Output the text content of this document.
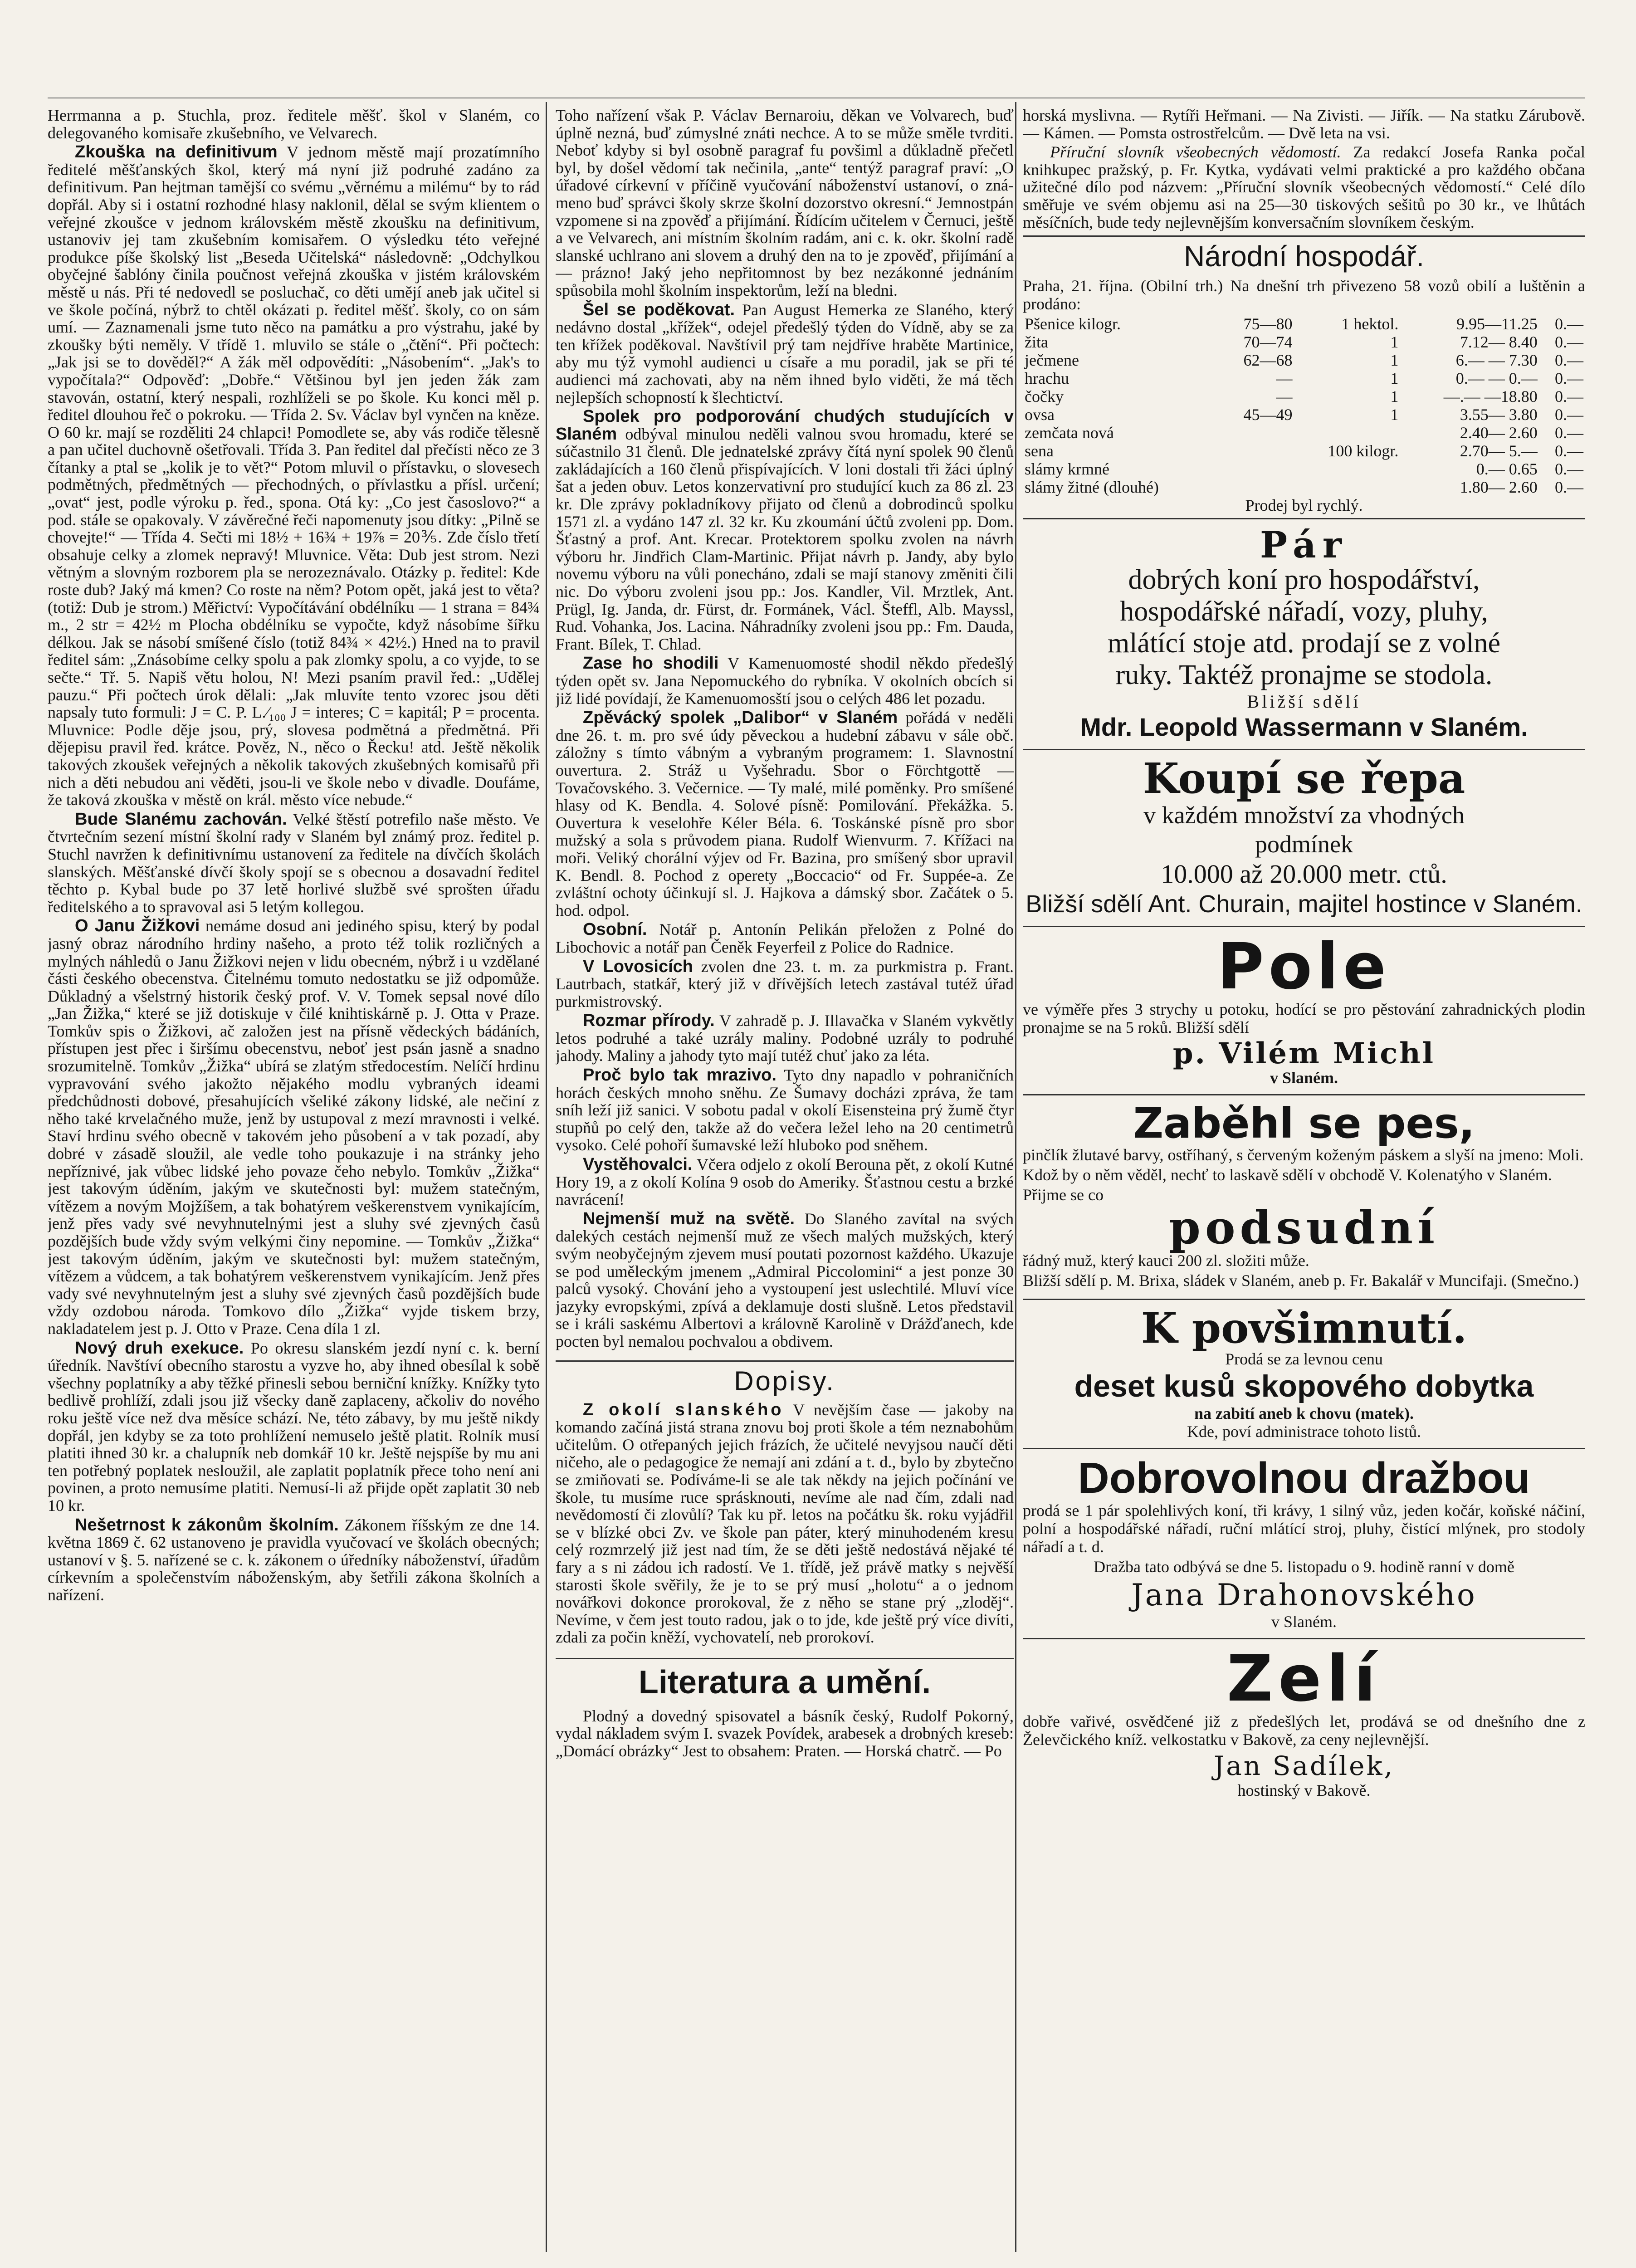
Herrmanna a p. Stuchla, proz. ředitele měšť. škol v Slaném, co delegovaného komisaře zkušebního, ve Velvarech.

Zkouška na definitivum V jednom městě mají prozatímního ředitelé měšťanských škol, který má nyní již podruhé zadáno za definitivum. Pan hejtman tamější co svému „věrnému a milému“ by to rád dopřál. Aby si i ostatní rozhodné hlasy naklonil, dělal se svým klientem o veřejné zkoušce v jednom královském městě zkoušku na definitivum, ustanoviv jej tam zkušebním komisařem. O výsledku této veřejné produkce píše školský list „Beseda Učitelská“ následovně: „Odchylkou obyčejné šablóny činila poučnost veřejná zkouška v jistém královském městě u nás. Při té nedovedl se posluchač, co děti umějí aneb jak učitel si ve škole počíná, nýbrž to chtěl okázati p. ředitel měšť. školy, co on sám umí. — Zaznamenali jsme tuto něco na památku a pro výstrahu, jaké by zkoušky býti neměly. V třídě 1. mluvilo se stále o „čtění“. Při počtech: „Jak jsi se to dověděl?“ A žák měl odpovědíti: „Násobením“. „Jak's to vypočítala?“ Odpověď: „Dobře.“ Většinou byl jen jeden žák zam stavován, ostatní, který nespali, rozhlíželi se po škole. Ku konci měl p. ředitel dlouhou řeč o pokroku. — Třída 2. Sv. Václav byl vynčen na kněze. O 60 kr. mají se rozděliti 24 chlapci! Pomodlete se, aby vás rodiče tělesně a pan učitel duchovně ošetřovali. Třída 3. Pan ředitel dal přečísti něco ze 3 čítanky a ptal se „kolik je to vět?“ Potom mluvil o přístavku, o slovesech podmětných, předmětných — přechodných, o přívlastku a přísl. určení; „ovat“ jest, podle výroku p. řed., spona. Otá ky: „Co jest časoslovo?“ a pod. stále se opakovaly. V závěrečné řeči napomenuty jsou dítky: „Pilně se chovejte!“ — Třída 4. Sečti mi 18½ + 16¾ + 19⅞ = 20⅗. Zde číslo třetí obsahuje celky a zlomek nepravý! Mluvnice. Věta: Dub jest strom. Nezi větným a slovným rozborem pla se nerozeznávalo. Otázky p. ředitel: Kde roste dub? Jaký má kmen? Co roste na něm? Potom opět, jaká jest to věta? (totiž: Dub je strom.) Měřictví: Vypočítávání obdélníku — 1 strana = 84¾ m., 2 str = 42½ m Plocha obdélníku se vypočte, když násobíme šířku délkou. Jak se násobí smíšené číslo (totiž 84¾ × 42½.) Hned na to pravil ředitel sám: „Znásobíme celky spolu a pak zlomky spolu, a co vyjde, to se sečte.“ Tř. 5. Napiš větu holou, N! Mezi psaním pravil řed.: „Udělej pauzu.“ Při počtech úrok dělali: „Jak mluvíte tento vzorec jsou děti napsaly tuto formuli: J = C. P. L.⁄₁₀₀ J = interes; C = kapitál; P = procenta. Mluvnice: Podle děje jsou, prý, slovesa podmětná a předmětná. Při dějepisu pravil řed. krátce. Pověz, N., něco o Řecku! atd. Ještě několik takových zkoušek veřejných a několik takových zkušebných komisařů při nich a děti nebudou ani věděti, jsou-li ve škole nebo v divadle. Doufáme, že taková zkouška v městě on král. město více nebude.“

Bude Slanému zachován. Velké štěstí potrefilo naše město. Ve čtvrtečním sezení místní školní rady v Slaném byl známý proz. ředitel p. Stuchl navržen k definitivnímu ustanovení za ředitele na dívčích školách slanských. Měšťanské dívčí školy spojí se s obecnou a dosavadní ředitel těchto p. Kybal bude po 37 letě horlivé službě své sprošten úřadu ředitelského a to spravoval asi 5 letým kollegou.

O Janu Žižkovi nemáme dosud ani jediného spisu, který by podal jasný obraz národního hrdiny našeho, a proto též tolik rozličných a mylných náhledů o Janu Žižkovi nejen v lidu obecném, nýbrž i u vzdělané části českého obecenstva. Čitelnému tomuto nedostatku se již odpomůže. Důkladný a všelstrný historik český prof. V. V. Tomek sepsal nové dílo „Jan Žižka,“ které se již dotiskuje v čilé knihtiskárně p. J. Otta v Praze. Tomkův spis o Žižkovi, ač založen jest na přísně vědeckých bádáních, přístupen jest přec i širšímu obecenstvu, neboť jest psán jasně a snadno srozumitelně. Tomkův „Žižka“ ubírá se zlatým středocestím. Nelíčí hrdinu vypravování svého jakožto nějakého modlu vybraných ideami předchůdnosti dobové, přesahujících všeliké zákony lidské, ale nečiní z něho také krvelačného muže, jenž by ustupoval z mezí mravnosti i velké. Staví hrdinu svého obecně v takovém jeho působení a v tak pozadí, aby dobré v zásadě sloužil, ale vedle toho poukazuje i na stránky jeho nepříznivé, jak vůbec lidské jeho povaze čeho nebylo. Tomkův „Žižka“ jest takovým úděním, jakým ve skutečnosti byl: mužem statečným, vítězem a novým Mojžíšem, a tak bohatýrem veškerenstvem vynikajícím, jenž přes vady své nevyhnutelnými jest a sluhy své zjevných časů pozdějších bude vždy svým velkými činy nepomine. — Tomkův „Žižka“ jest takovým úděním, jakým ve skutečnosti byl: mužem statečným, vítězem a vůdcem, a tak bohatýrem veškerenstvem vynikajícím. Jenž přes vady své nevyhnutelným jest a sluhy své zjevných časů pozdějších bude vždy ozdobou národa. Tomkovo dílo „Žižka“ vyjde tiskem brzy, nakladatelem jest p. J. Otto v Praze. Cena díla 1 zl.

Nový druh exekuce. Po okresu slanském jezdí nyní c. k. berní úředník. Navštíví obecního starostu a vyzve ho, aby ihned obesílal k sobě všechny poplatníky a aby těžké přinesli sebou berniční knížky. Knížky tyto bedlivě prohlíží, zdali jsou již všecky daně zaplaceny, ačkoliv do nového roku ještě více než dva měsíce schází. Ne, této zábavy, by mu ještě nikdy dopřál, jen kdyby se za toto prohlížení nemuselo ještě platit. Rolník musí platiti ihned 30 kr. a chalupník neb domkář 10 kr. Ještě nejspíše by mu ani ten potřebný poplatek nesloužil, ale zaplatit poplatník přece toho není ani povinen, a proto nemusíme platiti. Nemusí-li až přijde opět zaplatit 30 neb 10 kr.

Nešetrnost k zákonům školním. Zákonem říšským ze dne 14. května 1869 č. 62 ustanoveno je pravidla vyučovací ve školách obecných; ustanoví v §. 5. nařízené se c. k. zákonem o úředníky náboženství, úřadům církevním a společenstvím náboženským, aby šetřili zákona školních a nařízení.

Toho nařízení však P. Václav Bernaroiu, děkan ve Volvarech, buď úplně nezná, buď zúmyslné znáti nechce. A to se může směle tvrditi. Neboť kdyby si byl osobně paragraf fu povšiml a důkladně přečetl byl, by došel vědomí tak nečinila, „ante“ tentýž paragraf praví: „O úřadové církevní v příčině vyučování náboženství ustanoví, o zná-meno buď správci školy skrze školní dozorstvo okresní.“ Jemnostpán vzpomene si na zpověď a přijímání. Řídícím učitelem v Černuci, ještě a ve Velvarech, ani místním školním radám, ani c. k. okr. školní radě slanské uchlrano ani slovem a druhý den na to je zpověď, přijímání a — prázno! Jaký jeho nepřitomnost by bez nezákonné jednáním spůsobila mohl školním inspektorům, leží na bledni.

Šel se poděkovat. Pan August Hemerka ze Slaného, který nedávno dostal „křížek“, odejel předešlý týden do Vídně, aby se za ten křížek poděkoval. Navštívil prý tam nejdříve hraběte Martinice, aby mu týž vymohl audienci u císaře a mu poradil, jak se při té audienci má zachovati, aby na něm ihned bylo viděti, že má těch nejlepších schopností k šlechtictví.

Spolek pro podporování chudých studujících v Slaném odbýval minulou neděli valnou svou hromadu, které se súčastnilo 31 členů. Dle jednatelské zprávy čítá nyní spolek 90 členů zakládajících a 160 členů přispívajících. V loni dostali tři žáci úplný šat a jeden obuv. Letos konzervativní pro studující kuch za 86 zl. 23 kr. Dle zprávy pokladníkovy přijato od členů a dobrodinců spolku 1571 zl. a vydáno 147 zl. 32 kr. Ku zkoumání účtů zvoleni pp. Dom. Šťastný a prof. Ant. Krecar. Protektorem spolku zvolen na návrh výboru hr. Jindřich Clam-Martinic. Přijat návrh p. Jandy, aby bylo novemu výboru na vůli ponecháno, zdali se mají stanovy změniti čili nic. Do výboru zvoleni jsou pp.: Jos. Kandler, Vil. Mrztlek, Ant. Prügl, Ig. Janda, dr. Fürst, dr. Formánek, Václ. Šteffl, Alb. Mayssl, Rud. Vohanka, Jos. Lacina. Náhradníky zvoleni jsou pp.: Fm. Dauda, Frant. Bílek, T. Chlad.

Zase ho shodili V Kamenuomosté shodil někdo předešlý týden opět sv. Jana Nepomuckého do rybníka. V okolních obcích si již lidé povídají, že Kamenuomosští jsou o celých 486 let pozadu.

Zpěvácký spolek „Dalibor“ v Slaném pořádá v neděli dne 26. t. m. pro své údy pěveckou a hudební zábavu v sále obč. záložny s tímto vábným a vybraným programem: 1. Slavnostní ouvertura. 2. Stráž u Vyšehradu. Sbor o Förchtgottě — Tovačovského. 3. Večernice. — Ty malé, milé poměnky. Pro smíšené hlasy od K. Bendla. 4. Solové písně: Pomilování. Překážka. 5. Ouvertura k veselohře Kéler Béla. 6. Toskánské písně pro sbor mužský a sola s průvodem piana. Rudolf Wienvurm. 7. Křížaci na moři. Veliký chorální výjev od Fr. Bazina, pro smíšený sbor upravil K. Bendl. 8. Pochod z operety „Boccacio“ od Fr. Suppée-a. Ze zvláštní ochoty účinkují sl. J. Hajkova a dámský sbor. Začátek o 5. hod. odpol.

Osobní. Notář p. Antonín Pelikán přeložen z Polné do Libochovic a notář pan Čeněk Feyerfeil z Police do Radnice.

V Lovosicích zvolen dne 23. t. m. za purkmistra p. Frant. Lautrbach, statkář, který již v dřívějších letech zastával tutéž úřad purkmistrovský.

Rozmar přírody. V zahradě p. J. Illavačka v Slaném vykvětly letos podruhé a také uzrály maliny. Podobné uzrály to podruhé jahody. Maliny a jahody tyto mají tutéž chuť jako za léta.

Proč bylo tak mrazivo. Tyto dny napadlo v pohraničních horách českých mnoho sněhu. Ze Šumavy docházi zpráva, že tam sníh leží již sanici. V sobotu padal v okolí Eisensteina prý žumě čtyr stupňů po celý den, takže až do večera ležel leho na 20 centimetrů vysoko. Celé pohoří šumavské leží hluboko pod sněhem.

Vystěhovalci. Včera odjelo z okolí Berouna pět, z okolí Kutné Hory 19, a z okolí Kolína 9 osob do Ameriky. Šťastnou cestu a brzké navrácení!

Nejmenší muž na světě. Do Slaného zavítal na svých dalekých cestách nejmenší muž ze všech malých mužských, který svým neobyčejným zjevem musí poutati pozornost každého. Ukazuje se pod uměleckým jmenem „Admiral Piccolomini“ a jest ponze 30 palců vysoký. Chování jeho a vystoupení jest uslechtilé. Mluví více jazyky evropskými, zpívá a deklamuje dosti slušně. Letos představil se i králi saskému Albertovi a královně Karolině v Drážďanech, kde pocten byl nemalou pochvalou a obdivem.

Dopisy.

Z okolí slanského V nevějším čase — jakoby na komando začíná jistá strana znovu boj proti škole a tém neznabohům učitelům. O otřepaných jejich frázích, že učitelé nevyjsou naučí děti ničeho, ale o pedagogice že nemají ani zdání a t. d., bylo by zbytečno se zmiňovati se. Podíváme-li se ale tak někdy na jejich počínání ve škole, tu musíme ruce sprásknouti, nevíme ale nad čím, zdali nad nevědomostí či zlovůlí? Tak ku př. letos na počátku šk. roku vyjádřil se v blízké obci Zv. ve škole pan páter, který minuhodeném kresu celý rozmrzelý již jest nad tím, že se děti ještě nedostává nějaké té fary a s ni zádou ich radostí. Ve 1. třídě, jež právě matky s nejvěší starosti škole svěřily, že je to se prý musí „holotu“ a o jednom novářkovi dokonce prorokoval, že z něho se stane prý „zloděj“. Nevíme, v čem jest touto radou, jak o to jde, kde ještě prý více divíti, zdali za počin kněží, vychovatelí, neb prorokoví.

Literatura a umění.

Plodný a dovedný spisovatel a básník český, Rudolf Pokorný, vydal nákladem svým I. svazek Povídek, arabesek a drobných kreseb: „Domácí obrázky“ Jest to obsahem: Praten. — Horská chatrč. — Po

horská myslivna. — Rytíři Heřmani. — Na Zivisti. — Jiřík. — Na statku Zárubově. — Kámen. — Pomsta ostrostřelcům. — Dvě leta na vsi.

Příruční slovník všeobecných vědomostí. Za redakcí Josefa Ranka počal knihkupec pražský, p. Fr. Kytka, vydávati velmi praktické a pro každého občana užitečné dílo pod názvem: „Příruční slovník všeobecných vědomostí.“ Celé dílo směřuje ve svém objemu asi na 25—30 tiskových sešitů po 30 kr., ve lhůtách měsíčních, bude tedy nejlevnějším konversačním slovníkem českým.

Národní hospodář.

Praha, 21. října. (Obilní trh.) Na dnešní trh přivezeno 58 vozů obilí a luštěnin a prodáno:

Pšenice kilogr.	75—80	1 hektol.	9.95—11.25	0.—
žita	70—74	1	7.12— 8.40	0.—
ječmene	62—68	1	6.— — 7.30	0.—
hrachu	—	1	0.— — 0.—	0.—
čočky	—	1	—.— —18.80	0.—
ovsa	45—49	1	3.55— 3.80	0.—
zemčata nová			2.40— 2.60	0.—
sena		100 kilogr.	2.70— 5.—	0.—
slámy krmné			0.— 0.65	0.—
slámy žitné (dlouhé)			1.80— 2.60	0.—
Prodej byl rychlý.
Pár
dobrých koní pro hospodářství,
hospodářské nářadí, vozy, pluhy,
mlátící stoje atd. prodají se z volné
ruky. Taktéž pronajme se stodola.
Bližší sdělí
Mdr. Leopold Wassermann v Slaném.
Koupí se řepa
v každém množství za vhodných
podmínek
10.000 až 20.000 metr. ctů.
Bližší sdělí Ant. Churain, majitel hostince v Slaném.
Pole

ve výměře přes 3 strychy u potoku, hodící se pro pěstování zahradnických plodin pronajme se na 5 roků. Bližší sdělí

p. Vilém Michl
v Slaném.
Zaběhl se pes,

pinčlík žlutavé barvy, ostříhaný, s červeným koženým páskem a slyší na jmeno: Moli.

Kdož by o něm věděl, nechť to laskavě sdělí v obchodě V. Kolenatýho v Slaném.

Přijme se co
podsudní

řádný muž, který kauci 200 zl. složiti může.

Bližší sdělí p. M. Brixa, sládek v Slaném, aneb p. Fr. Bakalář v Muncifaji. (Smečno.)

K povšimnutí.
Prodá se za levnou cenu
deset kusů skopového dobytka
na zabití aneb k chovu (matek).
Kde, poví administrace tohoto listů.
Dobrovolnou dražbou

prodá se 1 pár spolehlivých koní, tři krávy, 1 silný vůz, jeden kočár, koňské náčiní, polní a hospodářské nářadí, ruční mlátící stroj, pluhy, čistící mlýnek, pro stodoly nářadí a t. d.

Dražba tato odbývá se dne 5. listopadu o 9. hodině ranní v domě

Jana Drahonovského
v Slaném.
Zelí

dobře vařivé, osvědčené již z předešlých let, prodává se od dnešního dne z Želevčického kníž. velkostatku v Bakově, za ceny nejlevnější.

Jan Sadílek,
hostinský v Bakově.
